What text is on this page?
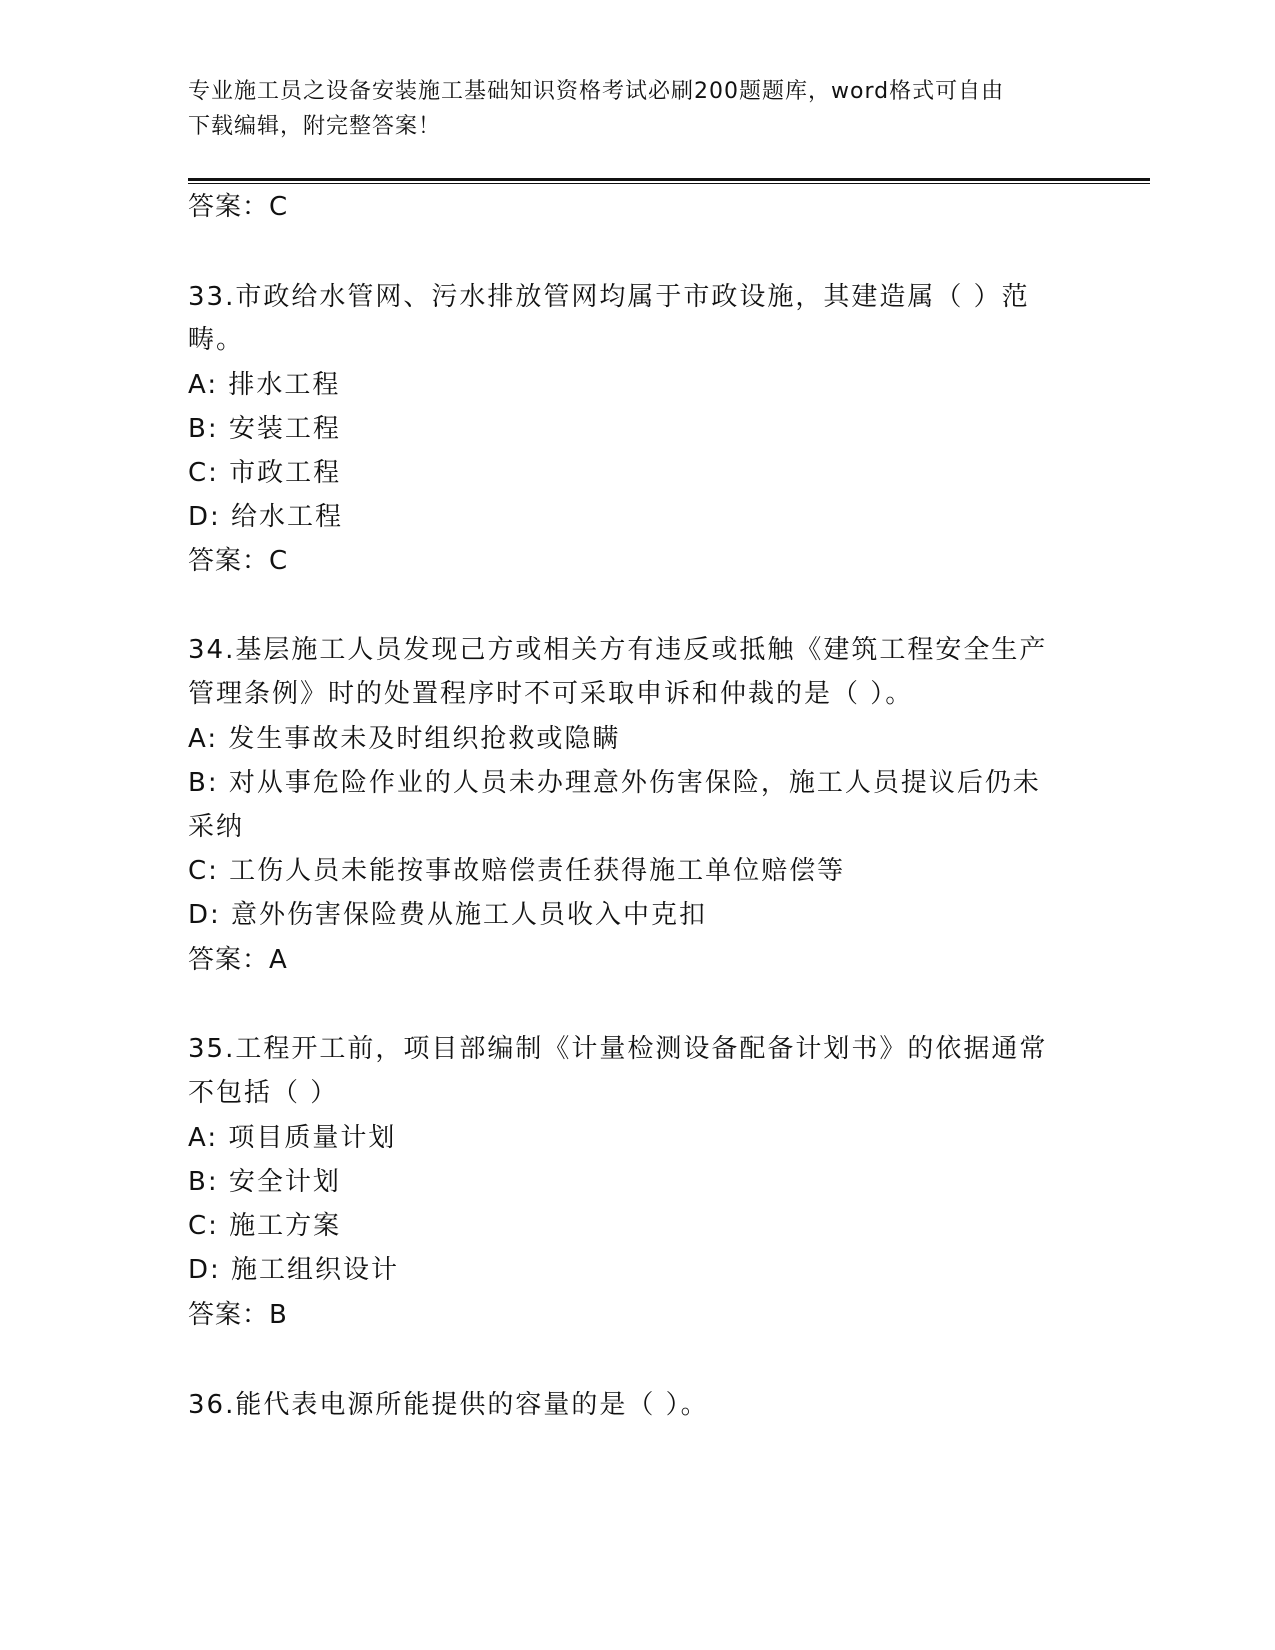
专业施工员之设备安装施工基础知识资格考试必刷200题题库，word格式可自由
下载编辑，附完整答案！
答案：C
33.市政给水管网、污水排放管网均属于市政设施，其建造属（ ）范
畴。
A: 排水工程
B: 安装工程
C: 市政工程
D: 给水工程
答案：C
34.基层施工人员发现己方或相关方有违反或抵触《建筑工程安全生产
管理条例》时的处置程序时不可采取申诉和仲裁的是（ ）。
A: 发生事故未及时组织抢救或隐瞒
B: 对从事危险作业的人员未办理意外伤害保险，施工人员提议后仍未
采纳
C: 工伤人员未能按事故赔偿责任获得施工单位赔偿等
D: 意外伤害保险费从施工人员收入中克扣
答案：A
35.工程开工前，项目部编制《计量检测设备配备计划书》的依据通常
不包括（ ）
A: 项目质量计划
B: 安全计划
C: 施工方案
D: 施工组织设计
答案：B
36.能代表电源所能提供的容量的是（ ）。
